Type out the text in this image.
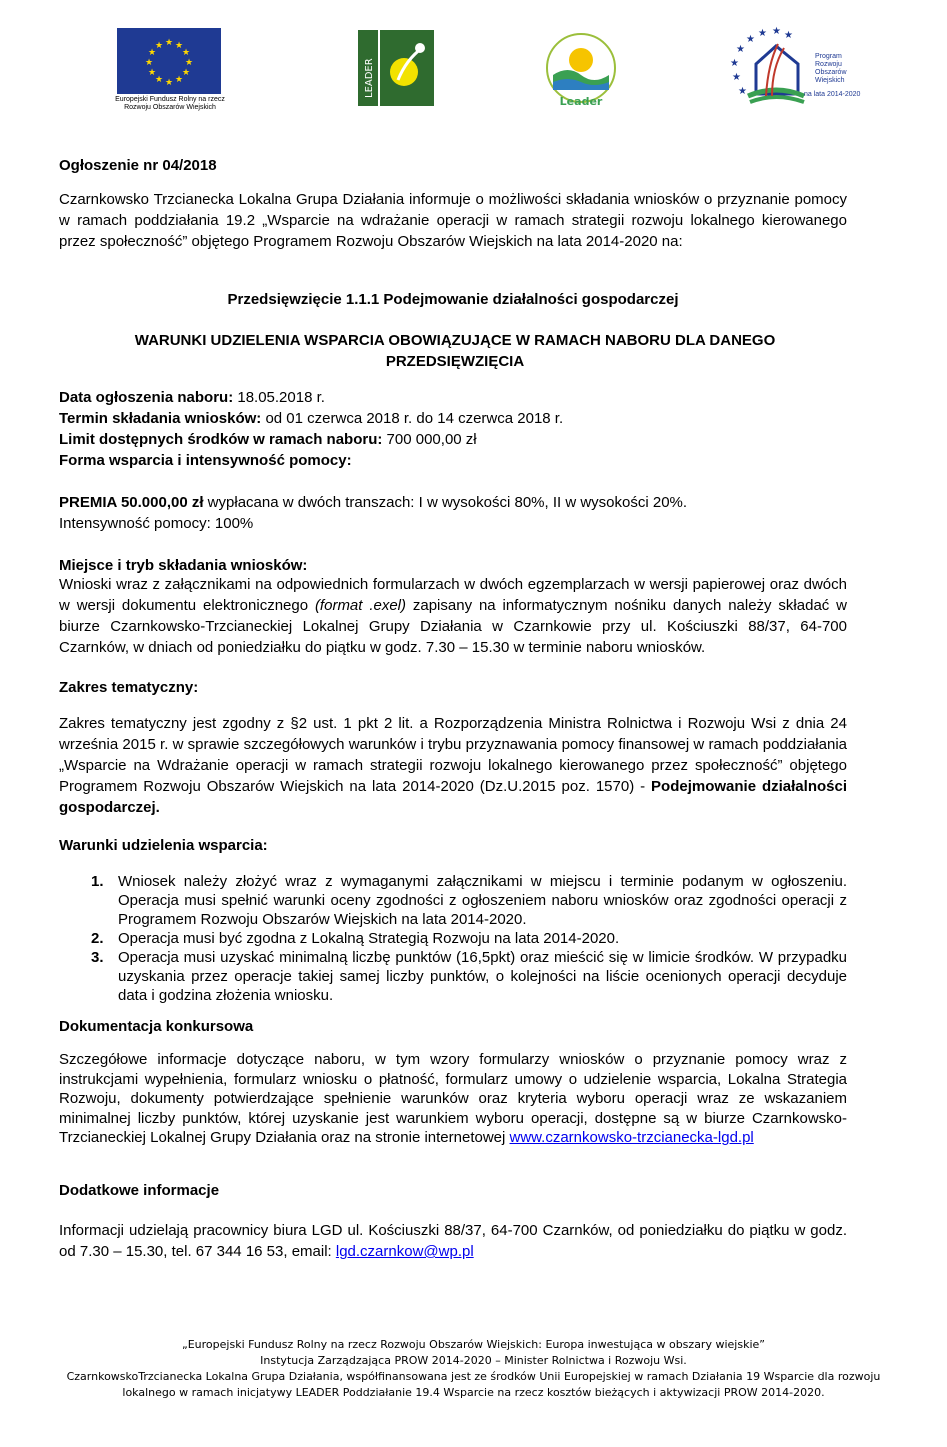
★ ★
★
★
★
★
★
★
★
★
★
★
Europejski Fundusz Rolny na rzecz Rozwoju Obszarów Wiejskich
LEADER
Leader
★
★
★ ★ ★
★
★
★
Program
Rozwoju
Obszarów
Wiejskich
na lata 2014-2020
Ogłoszenie nr 04/2018
Czarnkowsko Trzcianecka Lokalna Grupa Działania informuje o możliwości składania wniosków o przyznanie pomocy w ramach poddziałania 19.2 „Wsparcie na wdrażanie operacji w ramach strategii rozwoju lokalnego kierowanego przez społeczność” objętego Programem Rozwoju Obszarów Wiejskich na lata 2014-2020 na:
Przedsięwzięcie 1.1.1 Podejmowanie działalności gospodarczej
WARUNKI UDZIELENIA WSPARCIA OBOWIĄZUJĄCE W RAMACH NABORU DLA DANEGO PRZEDSIĘWZIĘCIA
Data ogłoszenia naboru: 18.05.2018 r.
Termin składania wniosków: od 01 czerwca 2018 r. do 14 czerwca 2018 r.
Limit dostępnych środków w ramach naboru: 700 000,00 zł
Forma wsparcia i intensywność pomocy:
PREMIA 50.000,00 zł wypłacana w dwóch transzach: I w wysokości 80%, II w wysokości 20%.
Intensywność pomocy: 100%
Miejsce i tryb składania wniosków:
Wnioski wraz z załącznikami na odpowiednich formularzach w dwóch egzemplarzach w wersji papierowej oraz dwóch w wersji dokumentu elektronicznego (format .exel) zapisany na informatycznym nośniku danych należy składać w biurze Czarnkowsko-Trzcianeckiej Lokalnej Grupy Działania w Czarnkowie przy ul. Kościuszki 88/37, 64-700 Czarnków, w dniach od poniedziałku do piątku w godz. 7.30 – 15.30 w terminie naboru wniosków.
Zakres tematyczny:
Zakres tematyczny jest zgodny z §2 ust. 1 pkt 2 lit. a Rozporządzenia Ministra Rolnictwa i Rozwoju Wsi z dnia 24 września 2015 r. w sprawie szczegółowych warunków i trybu przyznawania pomocy finansowej w ramach poddziałania „Wsparcie na Wdrażanie operacji w ramach strategii rozwoju lokalnego kierowanego przez społeczność” objętego Programem Rozwoju Obszarów Wiejskich na lata 2014-2020 (Dz.U.2015 poz. 1570) - Podejmowanie działalności gospodarczej.
Warunki udzielenia wsparcia:
1. Wniosek należy złożyć wraz z wymaganymi załącznikami w miejscu i terminie podanym w ogłoszeniu. Operacja musi spełnić warunki oceny zgodności z ogłoszeniem naboru wniosków oraz zgodności operacji z Programem Rozwoju Obszarów Wiejskich na lata 2014-2020.
2. Operacja musi być zgodna z Lokalną Strategią Rozwoju na lata 2014-2020.
3. Operacja musi uzyskać minimalną liczbę punktów (16,5pkt) oraz mieścić się w limicie środków. W przypadku uzyskania przez operacje takiej samej liczby punktów, o kolejności na liście ocenionych operacji decyduje data i godzina złożenia wniosku.
Dokumentacja konkursowa
Szczegółowe informacje dotyczące naboru, w tym wzory formularzy wniosków o przyznanie pomocy wraz z instrukcjami wypełnienia, formularz wniosku o płatność, formularz umowy o udzielenie wsparcia, Lokalna Strategia Rozwoju, dokumenty potwierdzające spełnienie warunków oraz kryteria wyboru operacji wraz ze wskazaniem minimalnej liczby punktów, której uzyskanie jest warunkiem wyboru operacji, dostępne są w biurze Czarnkowsko-Trzcianeckiej Lokalnej Grupy Działania oraz na stronie internetowej www.czarnkowsko-trzcianecka-lgd.pl
Dodatkowe informacje
Informacji udzielają pracownicy biura LGD ul. Kościuszki 88/37, 64-700 Czarnków, od poniedziałku do piątku w godz. od 7.30 – 15.30, tel. 67 344 16 53, email: lgd.czarnkow@wp.pl
„Europejski Fundusz Rolny na rzecz Rozwoju Obszarów Wiejskich: Europa inwestująca w obszary wiejskie”
Instytucja Zarządzająca PROW 2014-2020 – Minister Rolnictwa i Rozwoju Wsi.
CzarnkowskoTrzcianecka Lokalna Grupa Działania, współfinansowana jest ze środków Unii Europejskiej w ramach Działania 19 Wsparcie dla rozwoju lokalnego w ramach inicjatywy LEADER Poddziałanie 19.4 Wsparcie na rzecz kosztów bieżących i aktywizacji PROW 2014-2020.
